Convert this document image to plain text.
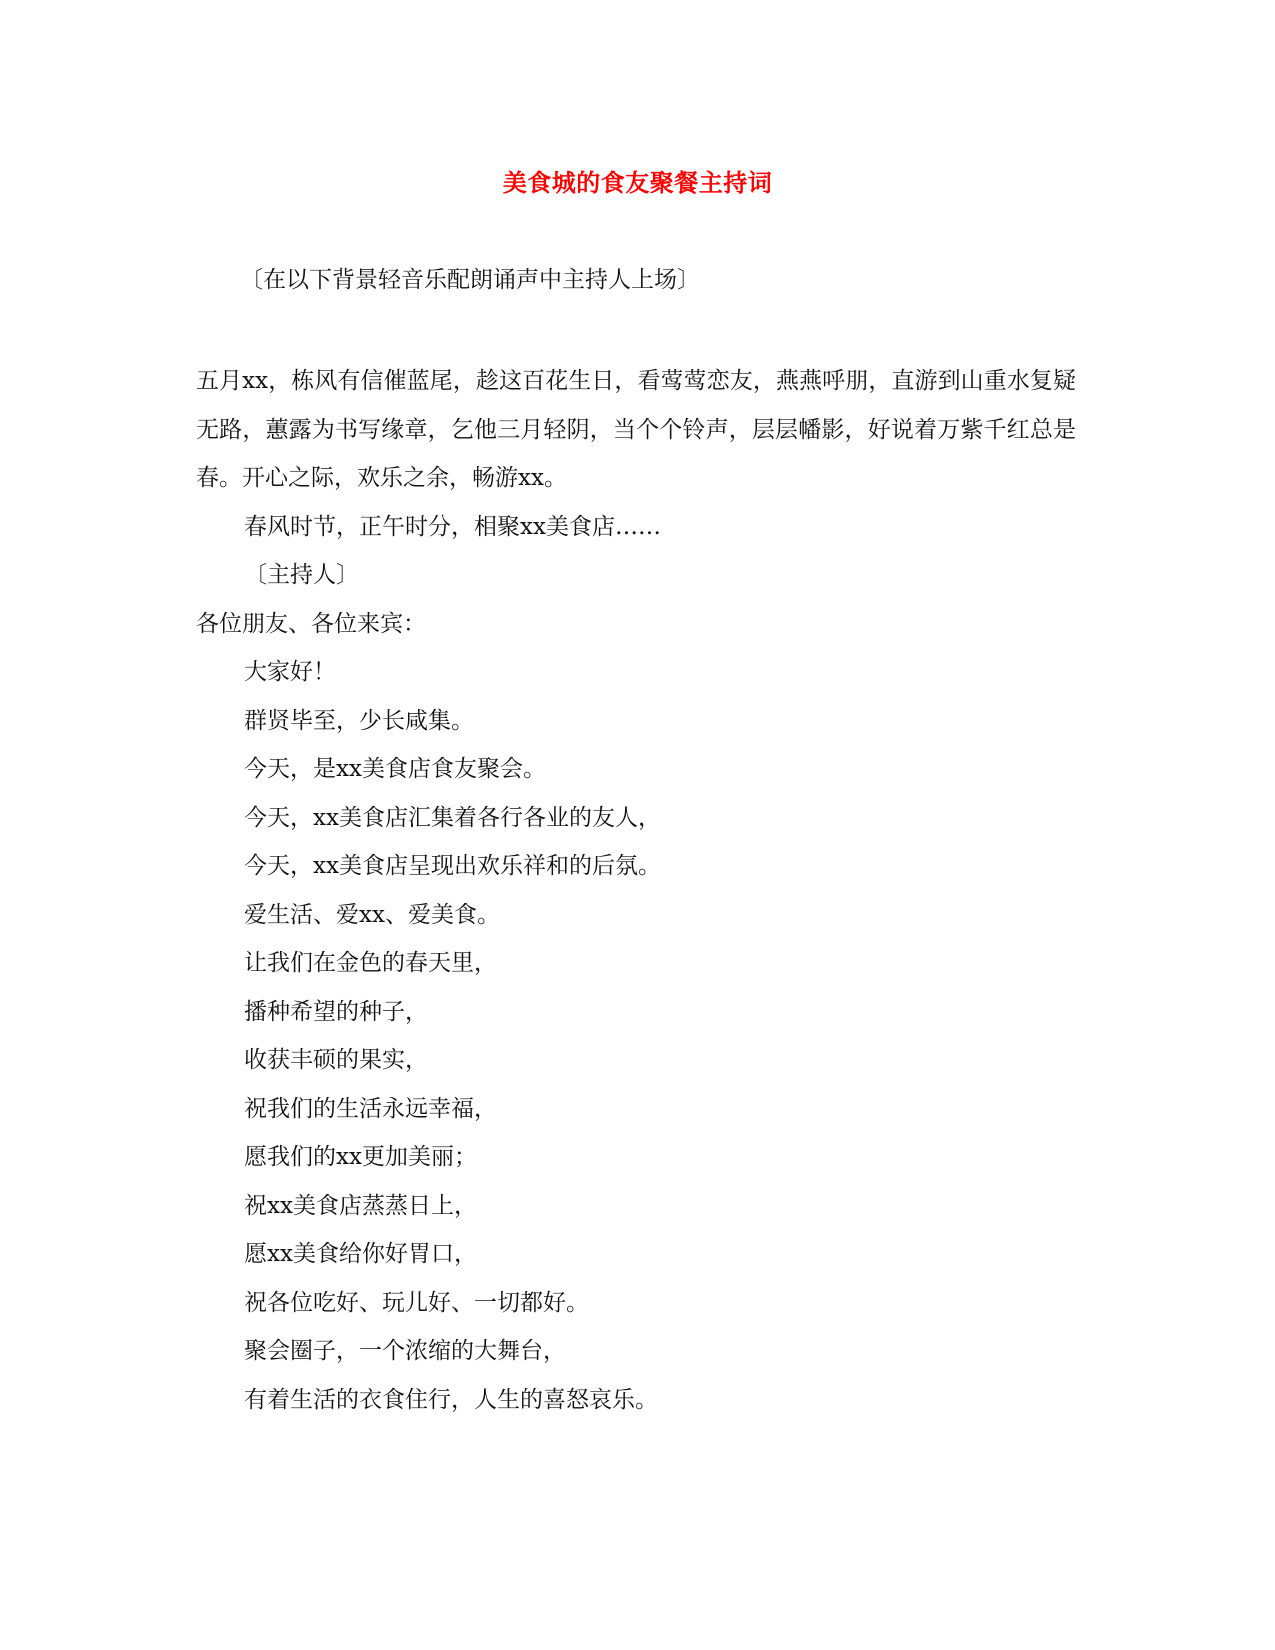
美食城的食友聚餐主持词
〔在以下背景轻音乐配朗诵声中主持人上场〕

五月xx，栋风有信催蓝尾，趁这百花生日，看莺莺恋友，燕燕呼朋，直游到山重水复疑无路，蕙露为书写缘章，乞他三月轻阴，当个个铃声，层层幡影，好说着万紫千红总是春。开心之际，欢乐之余，畅游xx。

春风时节，正午时分，相聚xx美食店……

〔主持人〕

各位朋友、各位来宾：

大家好！

群贤毕至，少长咸集。

今天，是xx美食店食友聚会。

今天，xx美食店汇集着各行各业的友人，

今天，xx美食店呈现出欢乐祥和的后氛。

爱生活、爱xx、爱美食。

让我们在金色的春天里，

播种希望的种子，

收获丰硕的果实，

祝我们的生活永远幸福，

愿我们的xx更加美丽；

祝xx美食店蒸蒸日上，

愿xx美食给你好胃口，

祝各位吃好、玩儿好、一切都好。

聚会圈子，一个浓缩的大舞台，

有着生活的衣食住行，人生的喜怒哀乐。
